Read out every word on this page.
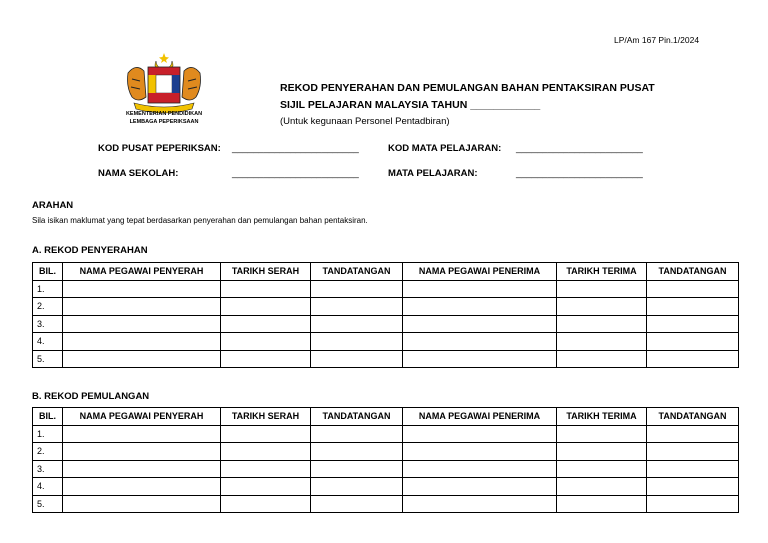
LP/Am 167 Pin.1/2024
KEMENTERIAN PENDIDIKAN
LEMBAGA PEPERIKSAAN
REKOD PENYERAHAN DAN PEMULANGAN BAHAN PENTAKSIRAN PUSAT
SIJIL PELAJARAN MALAYSIA TAHUN ____________
(Untuk kegunaan Personel Pentadbiran)
KOD PUSAT PEPERIKSAN: ________________________	KOD MATA PELAJARAN: ________________________
NAMA SEKOLAH:	________________________	MATA PELAJARAN:	________________________
ARAHAN
Sila isikan maklumat yang tepat berdasarkan penyerahan dan pemulangan bahan pentaksiran.
A. REKOD PENYERAHAN
BIL.	NAMA PEGAWAI PENYERAH	TARIKH SERAH	TANDATANGAN	NAMA PEGAWAI PENERIMA	TARIKH TERIMA	TANDATANGAN
1.						
2.						
3.						
4.						
5.						
B. REKOD PEMULANGAN
BIL.	NAMA PEGAWAI PENYERAH	TARIKH SERAH	TANDATANGAN	NAMA PEGAWAI PENERIMA	TARIKH TERIMA	TANDATANGAN
1.						
2.						
3.						
4.						
5.						
